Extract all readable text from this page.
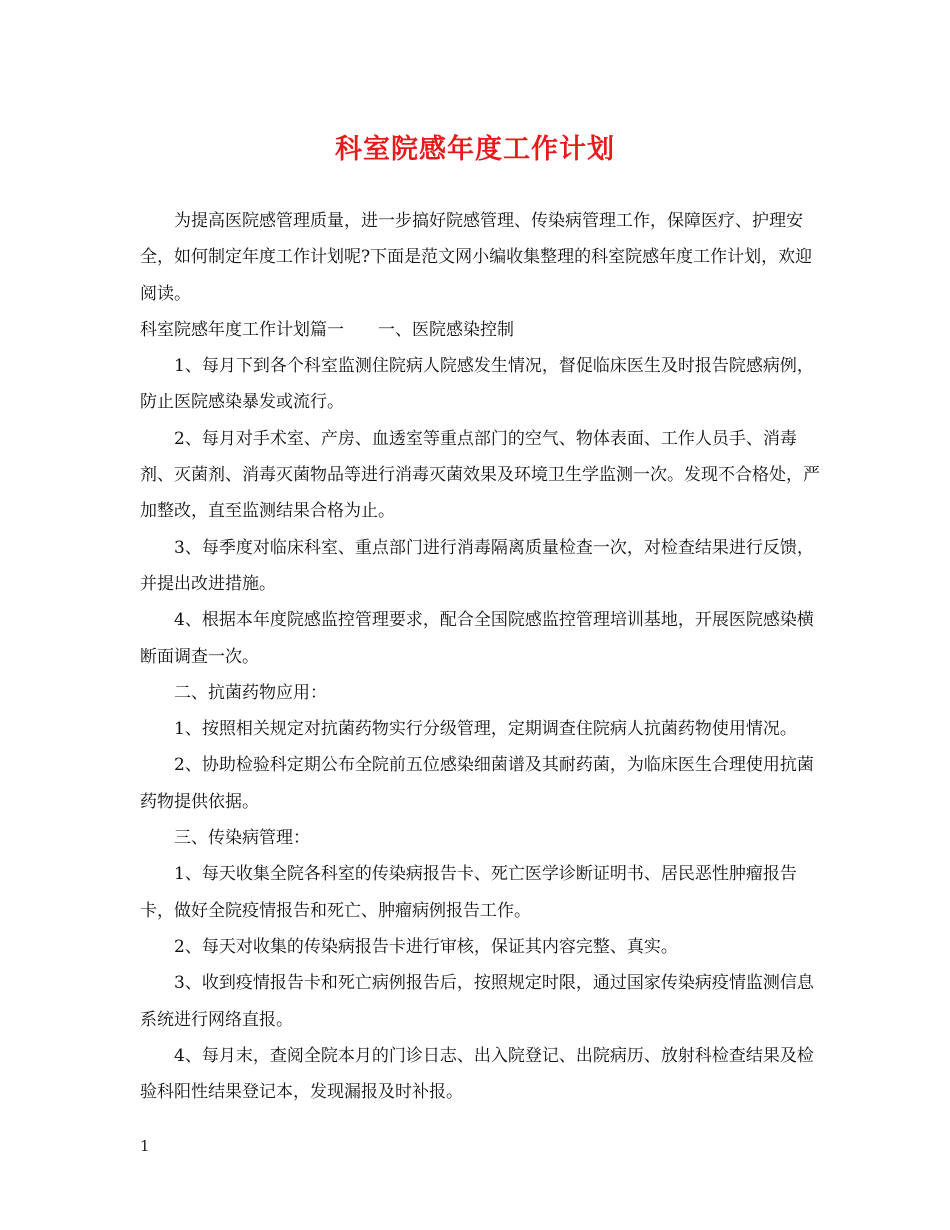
科室院感年度工作计划

为提高医院感管理质量，进一步搞好院感管理、传染病管理工作，保障医疗、护理安全，如何制定年度工作计划呢?下面是范文网小编收集整理的科室院感年度工作计划，欢迎阅读。

科室院感年度工作计划篇一　　一、医院感染控制

1、每月下到各个科室监测住院病人院感发生情况，督促临床医生及时报告院感病例，防止医院感染暴发或流行。

2、每月对手术室、产房、血透室等重点部门的空气、物体表面、工作人员手、消毒剂、灭菌剂、消毒灭菌物品等进行消毒灭菌效果及环境卫生学监测一次。发现不合格处，严加整改，直至监测结果合格为止。

3、每季度对临床科室、重点部门进行消毒隔离质量检查一次，对检查结果进行反馈，并提出改进措施。

4、根据本年度院感监控管理要求，配合全国院感监控管理培训基地，开展医院感染横断面调查一次。

二、抗菌药物应用：

1、按照相关规定对抗菌药物实行分级管理，定期调查住院病人抗菌药物使用情况。

2、协助检验科定期公布全院前五位感染细菌谱及其耐药菌，为临床医生合理使用抗菌药物提供依据。

三、传染病管理：

1、每天收集全院各科室的传染病报告卡、死亡医学诊断证明书、居民恶性肿瘤报告卡，做好全院疫情报告和死亡、肿瘤病例报告工作。

2、每天对收集的传染病报告卡进行审核，保证其内容完整、真实。

3、收到疫情报告卡和死亡病例报告后，按照规定时限，通过国家传染病疫情监测信息系统进行网络直报。

4、每月末，查阅全院本月的门诊日志、出入院登记、出院病历、放射科检查结果及检验科阳性结果登记本，发现漏报及时补报。

1
